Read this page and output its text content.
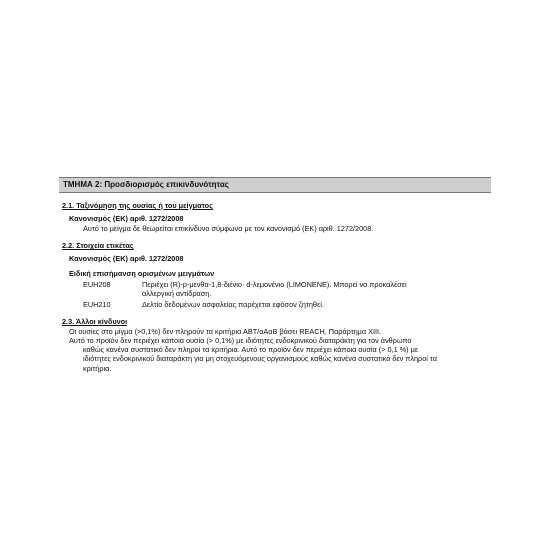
ΤΜΗΜΑ 2: Προσδιορισμός επικινδυνότητας
2.1. Ταξινόμηση της ουσίας ή του μείγματος
Κανονισμός (ΕΚ) αριθ. 1272/2008
Αυτό το μείγμα δε θεωρείται επικίνδυνο σύμφωνα με τον κανονισμό (ΕΚ) αριθ. 1272/2008.
2.2. Στοιχεία ετικέτας
Κανονισμός (ΕΚ) αριθ. 1272/2008
Ειδική επισήμανση ορισμένων μειγμάτων
EUH208	Περιέχει (R)-p-μενθα-1,8-διένιο· d-λεμονένιο (LIMONENE). Μπορεί να προκαλέσει
αλλεργική αντίδραση.
EUH210	Δελτίο δεδομένων ασφαλείας παρέχεται εφόσον ζητηθεί.
2.3. Άλλοι κίνδυνοι

Οι ουσίες στο μίγμα (>0,1%) δεν πληρούν τα κριτήρια ΑΒΤ/αΑαΒ βάσει REACH, Παράρτημα XIII.

Αυτό το προϊόν δεν περιέχει κάποια ουσία (> 0,1%) με ιδιότητες ενδοκρινικού διαταράκτη για τον άνθρωπο

καθώς κανένα συστατικό δεν πληροί τα κριτήρια. Αυτό το προϊόν δεν περιέχει κάποια ουσία (> 0,1 %) με

ιδιότητες ενδοκρινικού διαταράκτη για μη στοχευόμενους οργανισμούς καθώς κανένα συστατικό δεν πληροί τα

κριτήρια.
